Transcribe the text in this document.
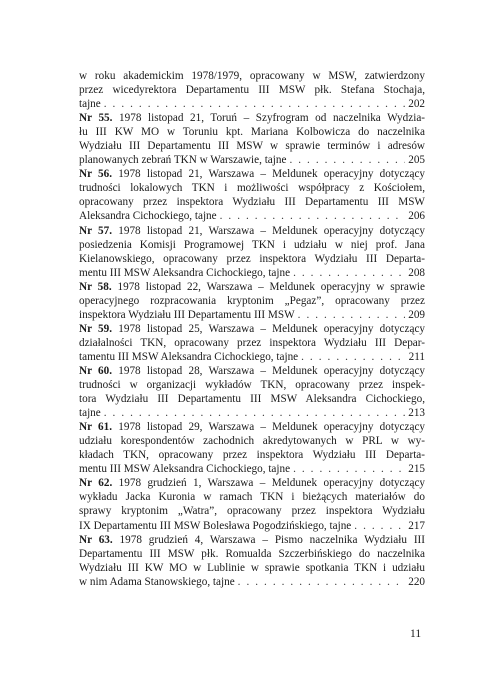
w roku akademickim 1978/1979, opracowany w MSW, zatwierdzony
przez wicedyrektora Departamentu III MSW płk. Stefana Stochaja,
tajne . . .	202
Nr 55. 1978 listopad 21, Toruń – Szyfrogram od naczelnika Wydzia-
łu III KW MO w Toruniu kpt. Mariana Kolbowicza do naczelnika
Wydziału III Departamentu III MSW w sprawie terminów i adresów
planowanych zebrań TKN w Warszawie, tajne . . .	205
Nr 56. 1978 listopad 21, Warszawa – Meldunek operacyjny dotyczący
trudności lokalowych TKN i możliwości współpracy z Kościołem,
opracowany przez inspektora Wydziału III Departamentu III MSW
Aleksandra Cichockiego, tajne . . .	206
Nr 57. 1978 listopad 21, Warszawa – Meldunek operacyjny dotyczący
posiedzenia Komisji Programowej TKN i udziału w niej prof. Jana
Kielanowskiego, opracowany przez inspektora Wydziału III Departa-
mentu III MSW Aleksandra Cichockiego, tajne . . .	208
Nr 58. 1978 listopad 22, Warszawa – Meldunek operacyjny w sprawie
operacyjnego rozpracowania kryptonim „Pegaz”, opracowany przez
inspektora Wydziału III Departamentu III MSW . . .	209
Nr 59. 1978 listopad 25, Warszawa – Meldunek operacyjny dotyczący
działalności TKN, opracowany przez inspektora Wydziału III Depar-
tamentu III MSW Aleksandra Cichockiego, tajne . . .	211
Nr 60. 1978 listopad 28, Warszawa – Meldunek operacyjny dotyczący
trudności w organizacji wykładów TKN, opracowany przez inspek-
tora Wydziału III Departamentu III MSW Aleksandra Cichockiego,
tajne . . .	213
Nr 61. 1978 listopad 29, Warszawa – Meldunek operacyjny dotyczący
udziału korespondentów zachodnich akredytowanych w PRL w wy-
kładach TKN, opracowany przez inspektora Wydziału III Departa-
mentu III MSW Aleksandra Cichockiego, tajne . . .	215
Nr 62. 1978 grudzień 1, Warszawa – Meldunek operacyjny dotyczący
wykładu Jacka Kuronia w ramach TKN i bieżących materiałów do
sprawy kryptonim „Watra”, opracowany przez inspektora Wydziału
IX Departamentu III MSW Bolesława Pogodzińskiego, tajne . . .	217
Nr 63. 1978 grudzień 4, Warszawa – Pismo naczelnika Wydziału III
Departamentu III MSW płk. Romualda Szczerbińskiego do naczelnika
Wydziału III KW MO w Lublinie w sprawie spotkania TKN i udziału
w nim Adama Stanowskiego, tajne . . .	220
11
